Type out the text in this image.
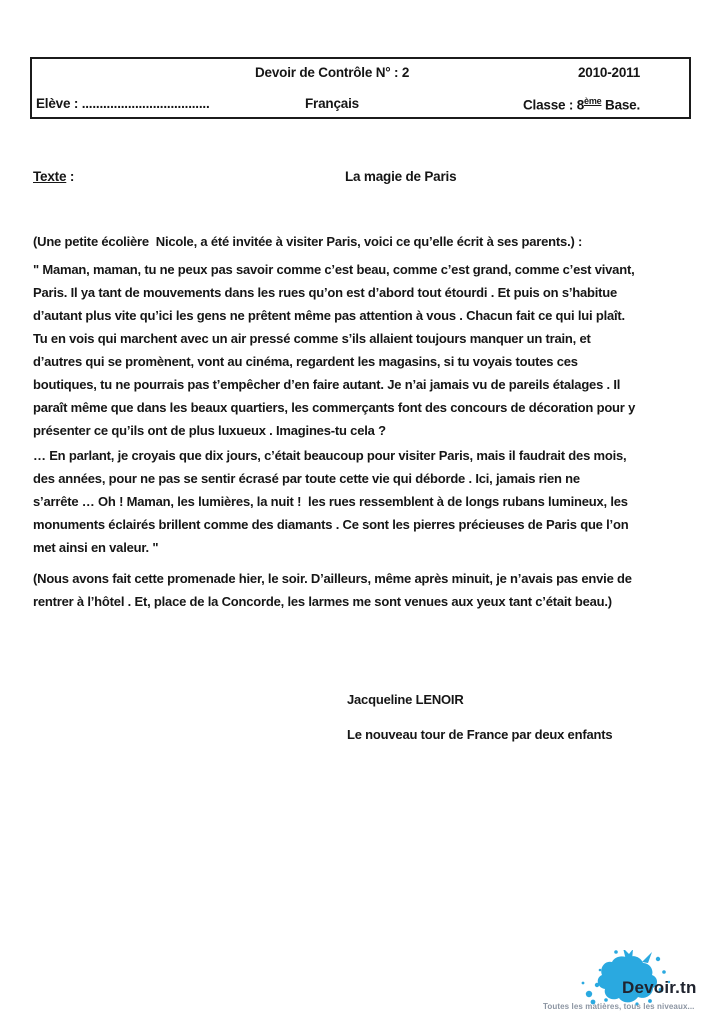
Devoir de Contrôle N° : 2	2010-2011
Elève : ....................................	Français	Classe : 8ème Base.
Texte :	La magie de Paris
(Une petite écolière  Nicole, a été invitée à visiter Paris, voici ce qu’elle écrit à ses parents.) :
" Maman, maman, tu ne peux pas savoir comme c’est beau, comme c’est grand, comme c’est vivant,
Paris. Il ya tant de mouvements dans les rues qu’on est d’abord tout étourdi . Et puis on s’habitue
d’autant plus vite qu’ici les gens ne prêtent même pas attention à vous . Chacun fait ce qui lui plaît.
Tu en vois qui marchent avec un air pressé comme s’ils allaient toujours manquer un train, et
d’autres qui se promènent, vont au cinéma, regardent les magasins, si tu voyais toutes ces
boutiques, tu ne pourrais pas t’empêcher d’en faire autant. Je n’ai jamais vu de pareils étalages . Il
paraît même que dans les beaux quartiers, les commerçants font des concours de décoration pour y
présenter ce qu’ils ont de plus luxueux . Imagines-tu cela ?
… En parlant, je croyais que dix jours, c’était beaucoup pour visiter Paris, mais il faudrait des mois,
des années, pour ne pas se sentir écrasé par toute cette vie qui déborde . Ici, jamais rien ne
s’arrête … Oh ! Maman, les lumières, la nuit !  les rues ressemblent à de longs rubans lumineux, les
monuments éclairés brillent comme des diamants . Ce sont les pierres précieuses de Paris que l’on
met ainsi en valeur. "
(Nous avons fait cette promenade hier, le soir. D’ailleurs, même après minuit, je n’avais pas envie de
rentrer à l’hôtel . Et, place de la Concorde, les larmes me sont venues aux yeux tant c’était beau.)
Jacqueline LENOIR
Le nouveau tour de France par deux enfants
Devoir.tn
Toutes les matières, tous les niveaux...
